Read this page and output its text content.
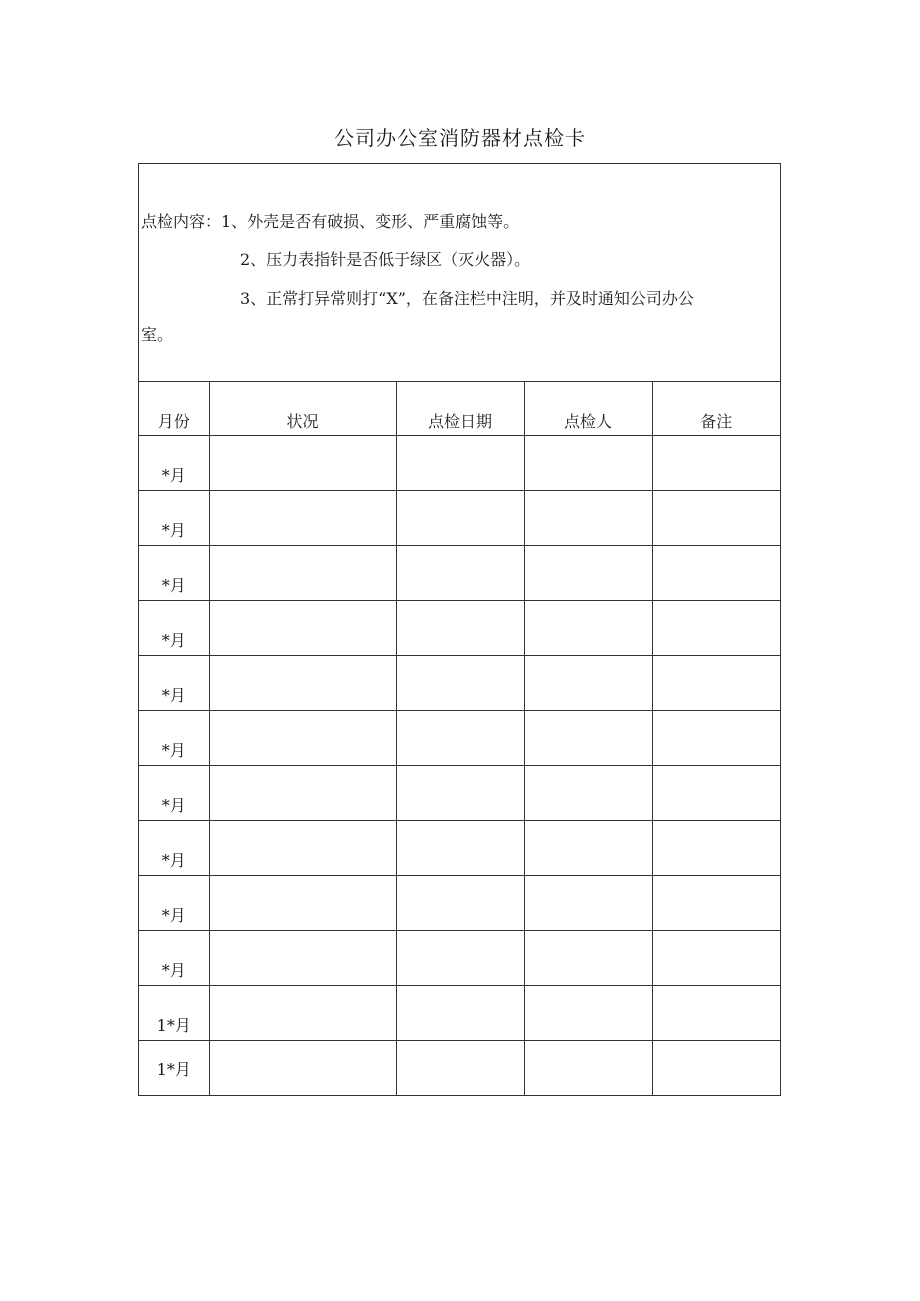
公司办公室消防器材点检卡
点检内容：1、外壳是否有破损、变形、严重腐蚀等。
2、压力表指针是否低于绿区（灭火器）。
3、正常打异常则打“X”，在备注栏中注明，并及时通知公司办公
室。
月份	状况	点检日期	点检人	备注
*月				
*月				
*月				
*月				
*月				
*月				
*月				
*月				
*月				
*月				
1*月				
1*月				
